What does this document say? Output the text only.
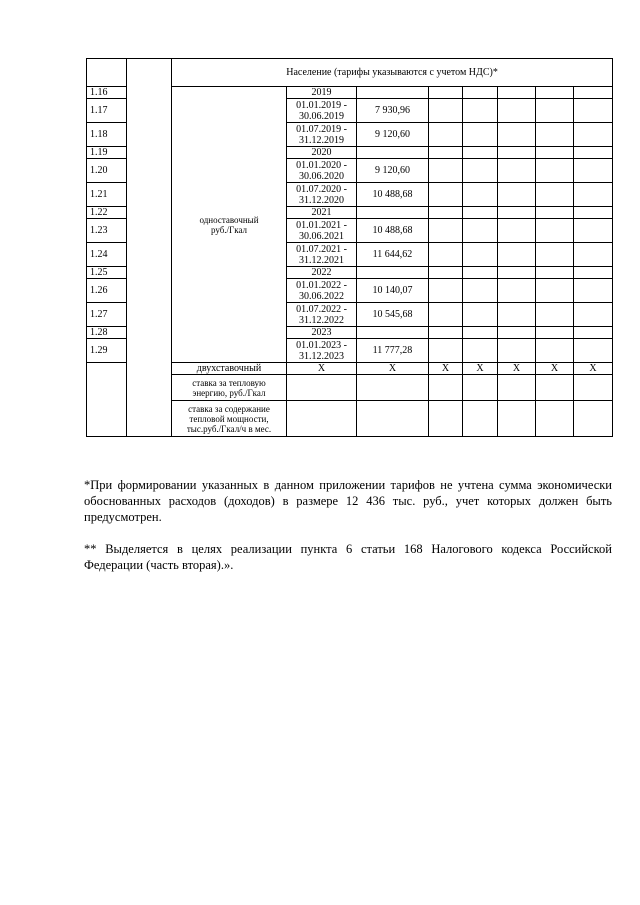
		Население (тарифы указываются с учетом НДС)*							
1.16		одноставочный
руб./Гкал	2019						
1.17			01.01.2019 -
30.06.2019	7 930,96					
1.18			01.07.2019 -
31.12.2019	9 120,60					
1.19			2020						
1.20			01.01.2020 -
30.06.2020	9 120,60					
1.21			01.07.2020 -
31.12.2020	10 488,68					
1.22			2021						
1.23			01.01.2021 -
30.06.2021	10 488,68					
1.24			01.07.2021 -
31.12.2021	11 644,62					
1.25			2022						
1.26			01.01.2022 -
30.06.2022	10 140,07					
1.27			01.07.2022 -
31.12.2022	10 545,68					
1.28			2023						
1.29			01.01.2023 -
31.12.2023	11 777,28					
		двухставочный	X	X	X	X	X	X	X
		ставка за тепловую
энергию, руб./Гкал							
		ставка за содержание
тепловой мощности,
тыс.руб./Гкал/ч в мес.							

*При формировании указанных в данном приложении тарифов не учтена сумма экономически обоснованных расходов (доходов) в размере 12 436 тыс. руб., учет которых должен быть предусмотрен.

** Выделяется в целях реализации пункта 6 статьи 168 Налогового кодекса Российской Федерации (часть вторая).».
